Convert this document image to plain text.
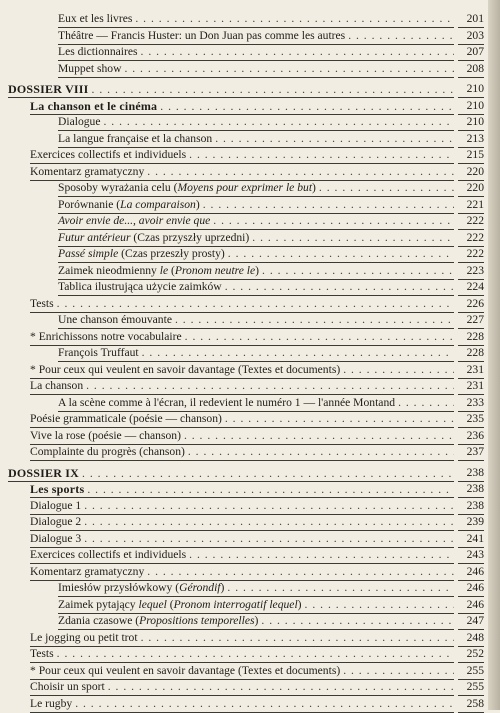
Eux et les livres . . .	201
Théâtre — Francis Huster: un Don Juan pas comme les autres . . .	203
Les dictionnaires . . .	207
Muppet show . . .	208
DOSSIER VIII . . .	210
La chanson et le cinéma . . .	210
Dialogue . . .	210
La langue française et la chanson . . .	213
Exercices collectifs et individuels . . .	215
Komentarz gramatyczny . . .	220
Sposoby wyrażania celu (Moyens pour exprimer le but) . . .	220
Porównanie (La comparaison) . . .	221
Avoir envie de..., avoir envie que . . .	222
Futur antérieur (Czas przyszły uprzedni) . . .	222
Passé simple (Czas przeszły prosty) . . .	222
Zaimek nieodmienny le (Pronom neutre le) . . .	223
Tablica ilustrująca użycie zaimków . . .	224
Tests . . .	226
Une chanson émouvante . . .	227
* Enrichissons notre vocabulaire . . .	228
François Truffaut . . .	228
* Pour ceux qui veulent en savoir davantage (Textes et documents) . . .	231
La chanson . . .	231
A la scène comme à l'écran, il redevient le numéro 1 — l'année Montand . . .	233
Poésie grammaticale (poésie — chanson) . . .	235
Vive la rose (poésie — chanson) . . .	236
Complainte du progrès (chanson) . . .	237
DOSSIER IX . . .	238
Les sports . . .	238
Dialogue 1 . . .	238
Dialogue 2 . . .	239
Dialogue 3 . . .	241
Exercices collectifs et individuels . . .	243
Komentarz gramatyczny . . .	246
Imiesłów przysłówkowy (Gérondif) . . .	246
Zaimek pytający lequel (Pronom interrogatif lequel) . . .	246
Zdania czasowe (Propositions temporelles) . . .	247
Le jogging ou petit trot . . .	248
Tests . . .	252
* Pour ceux qui veulent en savoir davantage (Textes et documents) . . .	255
Choisir un sport . . .	255
Le rugby . . .	258
